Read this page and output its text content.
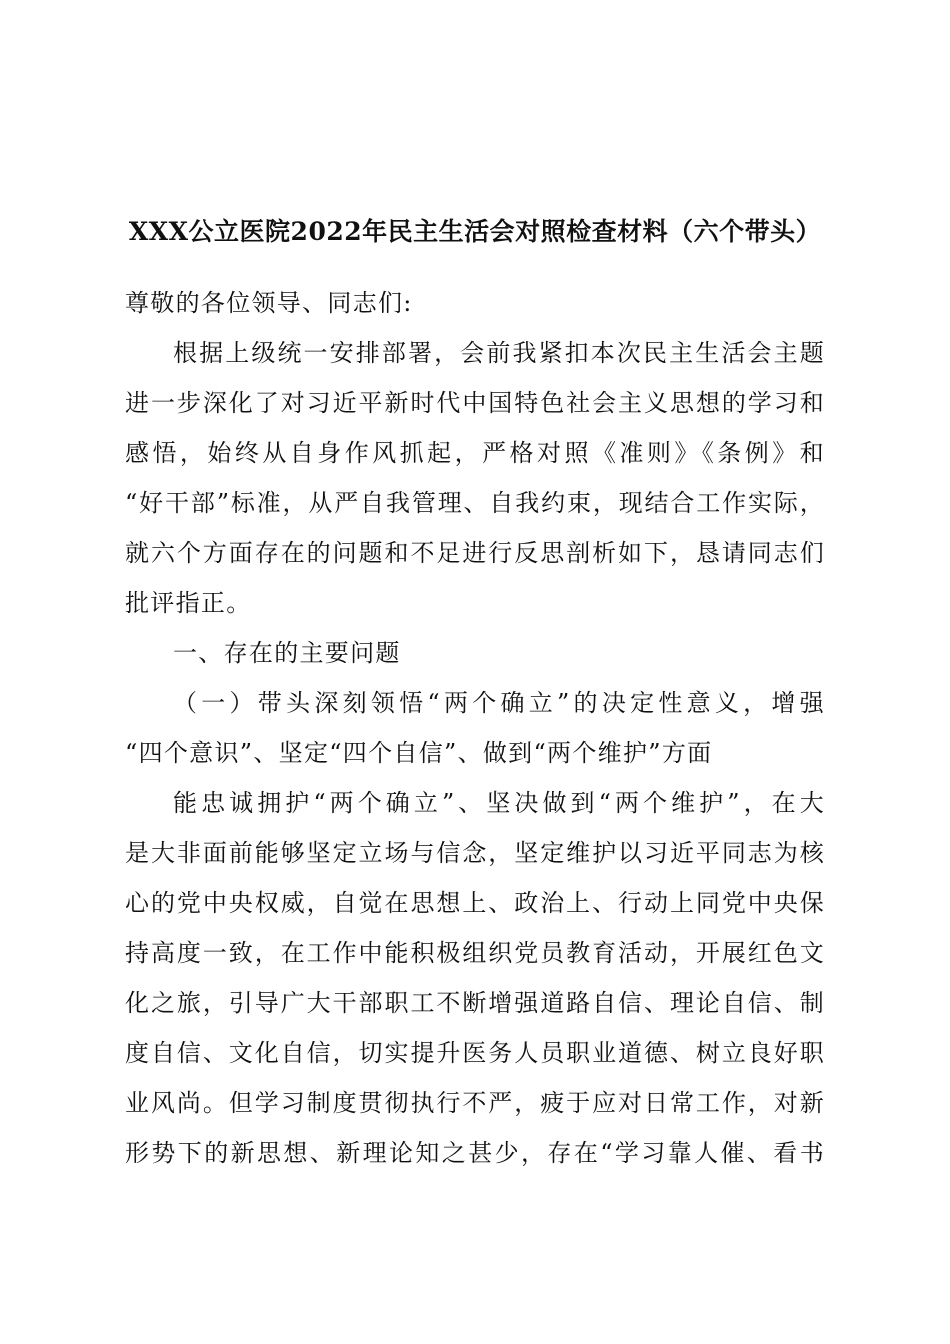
XXX公立医院2022年民主生活会对照检查材料（六个带头）
尊敬的各位领导、同志们:
根据上级统一安排部署，会前我紧扣本次民主生活会主题
进一步深化了对习近平新时代中国特色社会主义思想的学习和
感悟，始终从自身作风抓起，严格对照《准则》《条例》和
“好干部”标准，从严自我管理、自我约束，现结合工作实际，
就六个方面存在的问题和不足进行反思剖析如下，恳请同志们
批评指正。
一、存在的主要问题
（一）带头深刻领悟“两个确立”的决定性意义，增强
“四个意识”、坚定“四个自信”、做到“两个维护”方面
能忠诚拥护“两个确立”、坚决做到“两个维护”，在大
是大非面前能够坚定立场与信念，坚定维护以习近平同志为核
心的党中央权威，自觉在思想上、政治上、行动上同党中央保
持高度一致，在工作中能积极组织党员教育活动，开展红色文
化之旅，引导广大干部职工不断增强道路自信、理论自信、制
度自信、文化自信，切实提升医务人员职业道德、树立良好职
业风尚。但学习制度贯彻执行不严，疲于应对日常工作，对新
形势下的新思想、新理论知之甚少，存在“学习靠人催、看书
